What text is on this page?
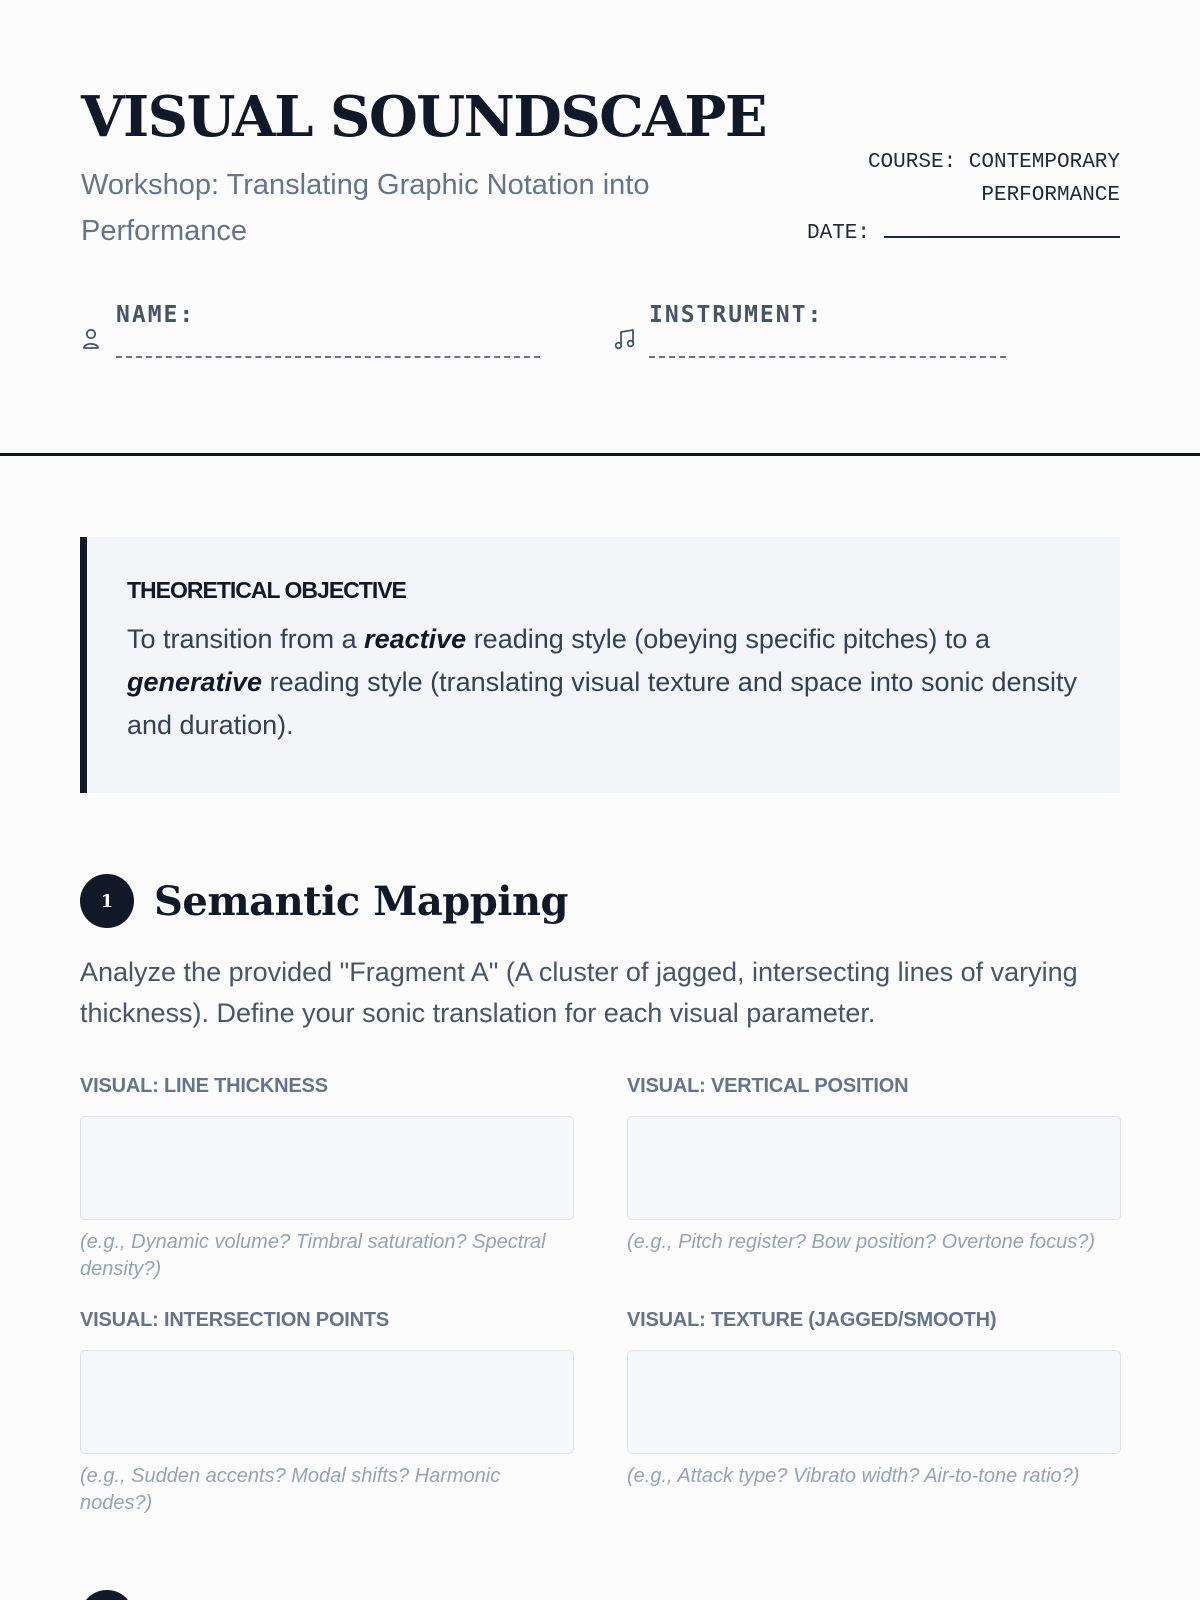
VISUAL SOUNDSCAPE
Workshop: Translating Graphic Notation into Performance
COURSE: CONTEMPORARY PERFORMANCE
DATE:
NAME:	INSTRUMENT:
THEORETICAL OBJECTIVE

To transition from a reactive reading style (obeying specific pitches) to a generative reading style (translating visual texture and space into sonic density and duration).

1	Semantic Mapping

Analyze the provided "Fragment A" (A cluster of jagged, intersecting lines of varying thickness). Define your sonic translation for each visual parameter.

VISUAL: LINE THICKNESS

(e.g., Dynamic volume? Timbral saturation? Spectral density?)

VISUAL: VERTICAL POSITION

(e.g., Pitch register? Bow position? Overtone focus?)

VISUAL: INTERSECTION POINTS

(e.g., Sudden accents? Modal shifts? Harmonic nodes?)

VISUAL: TEXTURE (JAGGED/SMOOTH)

(e.g., Attack type? Vibrato width? Air-to-tone ratio?)
